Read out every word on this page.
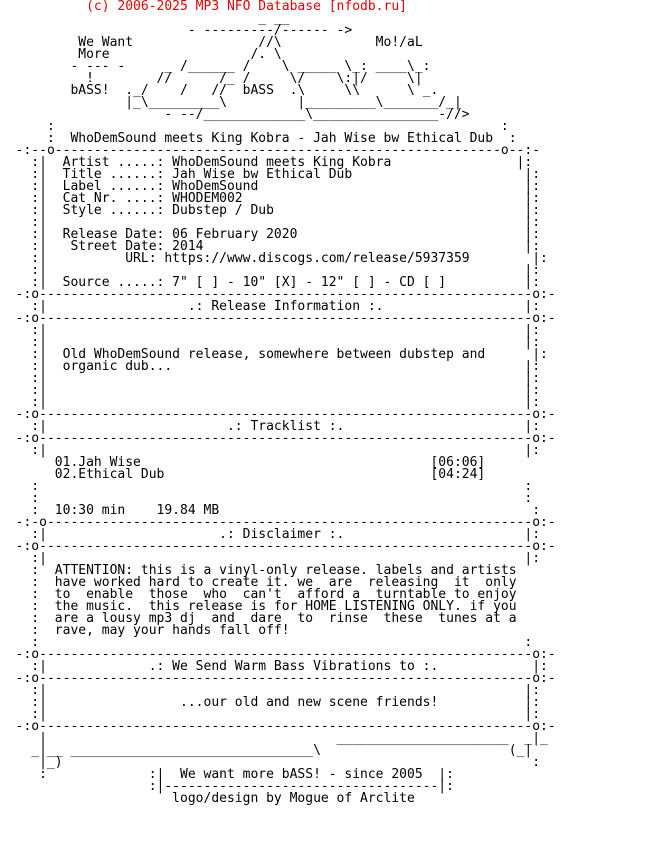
(c) 2006-2025 MP3 NFO Database [nfodb.ru]
_ __
- ---------/------ ->
We Want                //\            Mo!/aL
More                  /. \
- --- -     _ /______ /    \ _____ \_: ____\_:
!        //      /_ /     \/    \:|/     \|
bASS!  ._/    /   //  bASS  .\     \\      \ _.
|_\_________\         |_________\_______/_|
- --/_____________\________________-//>
:                                                         :
:  WhoDemSound meets King Kobra - Jah Wise bw Ethical Dub  :
-:--o---------------------------------------------------------o--:-
:|  Artist .....: WhoDemSound meets King Kobra                |:
:|  Title ......: Jah Wise bw Ethical Dub                      |:
:|  Label ......: WhoDemSound                                  |:
:|  Cat Nr. ....: WHODEM002                                    |:
:|  Style ......: Dubstep / Dub                                |:
:|                                                             |:
:|  Release Date: 06 February 2020                             |:
:|   Street Date: 2014                                         |:
:|          URL: https://www.discogs.com/release/5937359        |:
:|                                                             |:
:|  Source .....: 7" [ ] - 10" [X] - 12" [ ] - CD [ ]          |:
-:o---------------------------------------------------------------o:-
:|                  .: Release Information :.                  |:
-:o---------------------------------------------------------------o:-
:|                                                             |:
:|                                                             |:
:|  Old WhoDemSound release, somewhere between dubstep and      |:
:|  organic dub...                                             |:
:|                                                             |:
:|                                                             |:
:|                                                             |:
-:o---------------------------------------------------------------o:-
:|                       .: Tracklist :.                       |:
-:o---------------------------------------------------------------o:-
:|                                                             |:
01.Jah Wise                                     [06:06]
02.Ethical Dub                                  [04:24]
:                                                              :
:                                                              :
:  10:30 min    19.84 MB                                        :
-:-o--------------------------------------------------------------o:-
:|                      .: Disclaimer :.                       |:
-:o---------------------------------------------------------------o:-
:|                                                             |:
:  ATTENTION: this is a vinyl-only release. labels and artists
:  have worked hard to create it. we  are  releasing  it  only
:  to  enable  those  who  can't  afford a  turntable to enjoy
:  the music.  this release is for HOME LISTENING ONLY. if you
:  are a lousy mp3 dj  and  dare  to  rinse  these  tunes at a
:  rave, may your hands fall off!
:                                                              :
-:o---------------------------------------------------------------o:-
:|             .: We Send Warm Bass Vibrations to :.            |:
-:o---------------------------------------------------------------o:-
:|                                                             |:
:|                 ...our old and new scene friends!           |:
:|                                                             |:
-:o---------------------------------------------------------------o:-
|                                     ______________________  _|_
_|__ _______________________________\                        (_|
|_)                                                            :
:             :|  We want more bASS! - since 2005  |:
:|-----------------------------------|:
logo/design by Mogue of Arclite
